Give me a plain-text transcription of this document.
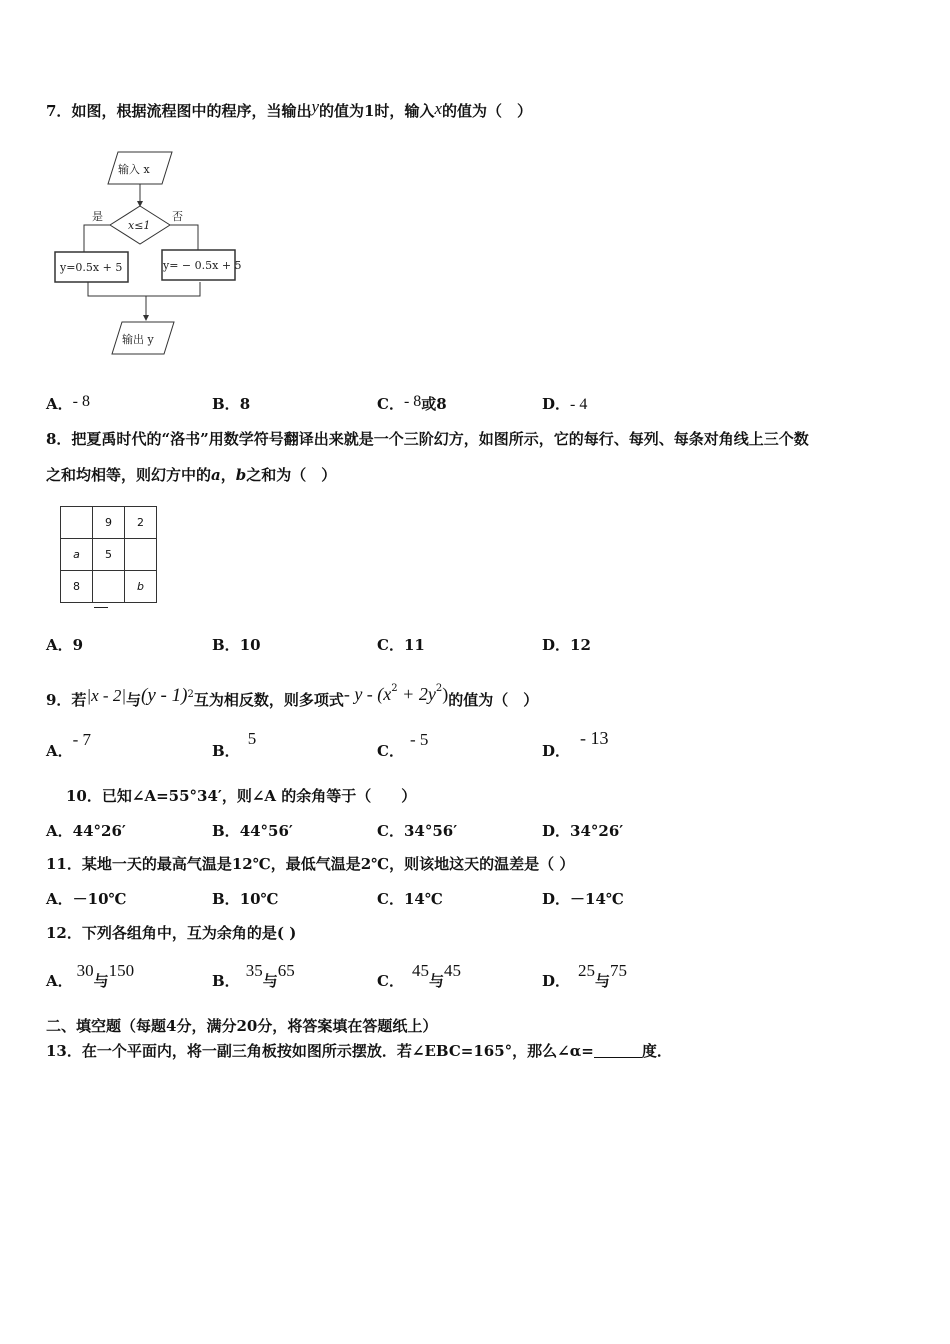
7．如图，根据流程图中的程序，当输出y的值为1时，输入x的值为（　）
输入 x
x≤1
是	否
y=0.5x + 5	y= − 0.5x + 5
输出 y
A．- 8	B．8	C．- 8或8	D．- 4
8．把夏禹时代的“洛书”用数学符号翻译出来就是一个三阶幻方，如图所示，它的每行、每列、每条对角线上三个数
之和均相等，则幻方中的a，b之和为（　）
	9	2
a	5	
8		b
A．9	B．10	C．11	D．12
9．若|x - 2|与(y - 1)$^2$互为相反数，则多项式- $y - (x^2 + 2y^2)$的值为（　）
A．- 7
B．5
C．- 5
D．- 13
10．已知∠A=55°34′，则∠A 的余角等于（　　）
A．44°26′	B．44°56′	C．34°56′	D．34°26′
11．某地一天的最高气温是12℃，最低气温是2℃，则该地这天的温差是（ ）
A．－10℃	B．10℃	C．14℃	D．－14℃
12．下列各组角中，互为余角的是( )
A．30与150
B．35与65
C．45与45
D．25与75
二、填空题（每题4分，满分20分，将答案填在答题纸上）
13．在一个平面内，将一副三角板按如图所示摆放．若∠EBC=165°，那么∠α=	度．
